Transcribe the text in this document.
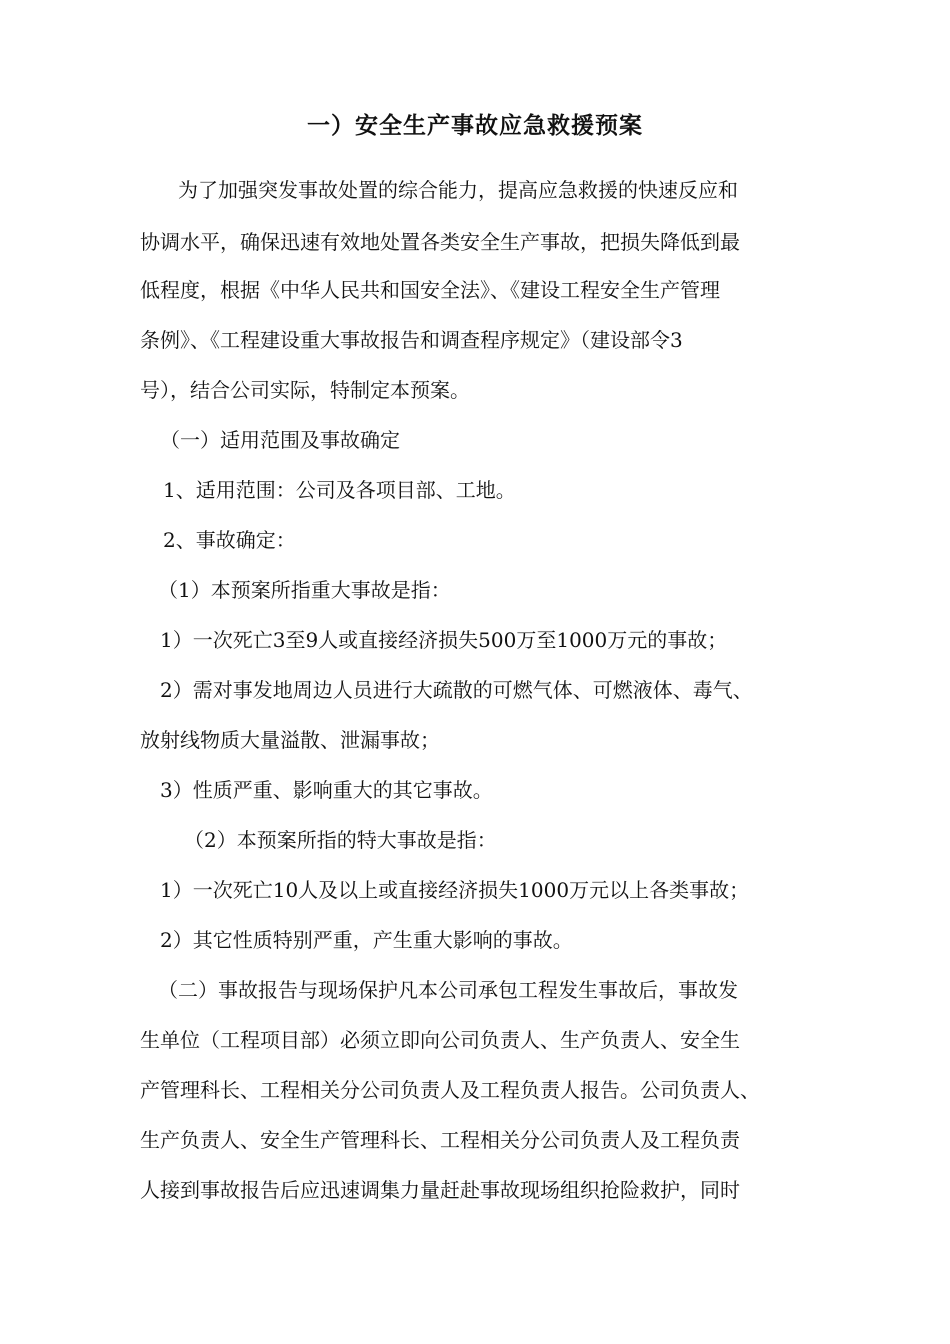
一）安全生产事故应急救援预案

为了加强突发事故处置的综合能力，提高应急救援的快速反应和

协调水平，确保迅速有效地处置各类安全生产事故，把损失降低到最

低程度，根据《中华人民共和国安全法》、《建设工程安全生产管理

条例》、《工程建设重大事故报告和调查程序规定》（建设部令3

号），结合公司实际，特制定本预案。

（一）适用范围及事故确定

1、适用范围：公司及各项目部、工地。

2、事故确定：

（1）本预案所指重大事故是指：

1）一次死亡3至9人或直接经济损失500万至1000万元的事故；

2）需对事发地周边人员进行大疏散的可燃气体、可燃液体、毒气、

放射线物质大量溢散、泄漏事故；

3）性质严重、影响重大的其它事故。

（2）本预案所指的特大事故是指：

1）一次死亡10人及以上或直接经济损失1000万元以上各类事故；

2）其它性质特别严重，产生重大影响的事故。

（二）事故报告与现场保护凡本公司承包工程发生事故后，事故发

生单位（工程项目部）必须立即向公司负责人、生产负责人、安全生

产管理科长、工程相关分公司负责人及工程负责人报告。公司负责人、

生产负责人、安全生产管理科长、工程相关分公司负责人及工程负责

人接到事故报告后应迅速调集力量赶赴事故现场组织抢险救护，同时
